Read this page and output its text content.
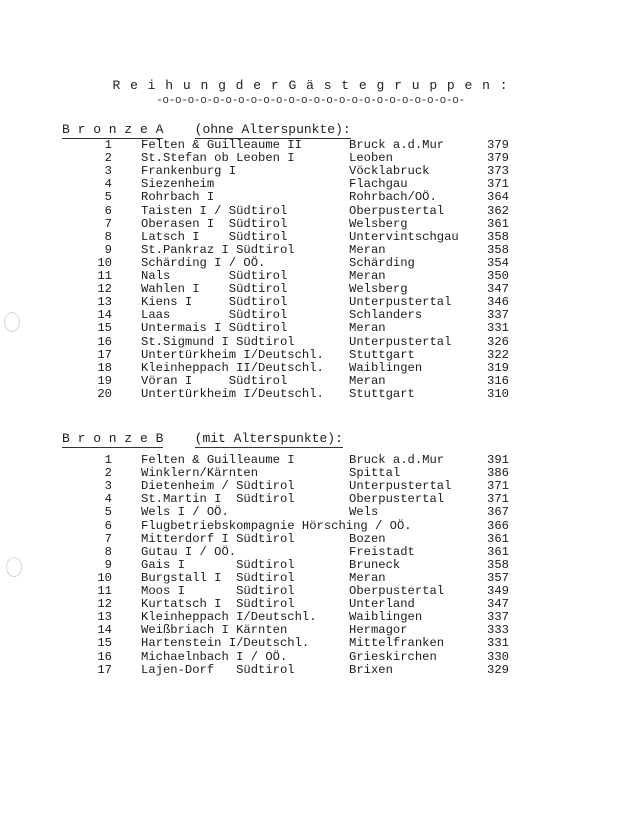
R e i h u n g d e r G ä s t e g r u p p e n :
-o-o-o-o-o-o-o-o-o-o-o-o-o-o-o-o-o-o-o-o-o-o-o-o-
B r o n z e A (ohne Alterspunkte):
1 Felten & Guilleaume II	Bruck a.d.Mur	379
2 St.Stefan ob Leoben I	Leoben	379
3 Frankenburg I	Vöcklabruck	373
4 Siezenheim	Flachgau	371
5 Rohrbach I	Rohrbach/OÖ.	364
6 Taisten I / Südtirol	Oberpustertal	362
7 Oberasen I  Südtirol	Welsberg	361
8 Latsch I    Südtirol	Untervintschgau	358
9 St.Pankraz I Südtirol	Meran	358
10 Schärding I / OÖ.	Schärding	354
11 Nals        Südtirol	Meran	350
12 Wahlen I    Südtirol	Welsberg	347
13 Kiens I     Südtirol	Unterpustertal	346
14 Laas        Südtirol	Schlanders	337
15 Untermais I Südtirol	Meran	331
16 St.Sigmund I Südtirol	Unterpustertal	326
17 Untertürkheim I/Deutschl. Stuttgart	322
18 Kleinheppach II/Deutschl. Waiblingen	319
19 Vöran I     Südtirol	Meran	316
20 Untertürkheim I/Deutschl. Stuttgart	310
B r o n z e B (mit Alterspunkte):
1 Felten & Guilleaume I	Bruck a.d.Mur	391
2 Winklern/Kärnten	Spittal	386
3 Dietenheim / Südtirol	Unterpustertal	371
4 St.Martin I  Südtirol	Oberpustertal	371
5 Wels I / OÖ.	Wels	367
6 Flugbetriebskompagnie Hörsching / OÖ.	366
7 Mitterdorf I Südtirol	Bozen	361
8 Gutau I / OÖ.	Freistadt	361
9 Gais I       Südtirol	Bruneck	358
10 Burgstall I  Südtirol	Meran	357
11 Moos I       Südtirol	Oberpustertal	349
12 Kurtatsch I  Südtirol	Unterland	347
13 Kleinheppach I/Deutschl.	Waiblingen	337
14 Weißbriach I Kärnten	Hermagor	333
15 Hartenstein I/Deutschl.	Mittelfranken	331
16 Michaelnbach I / OÖ.	Grieskirchen	330
17 Lajen-Dorf   Südtirol	Brixen	329
